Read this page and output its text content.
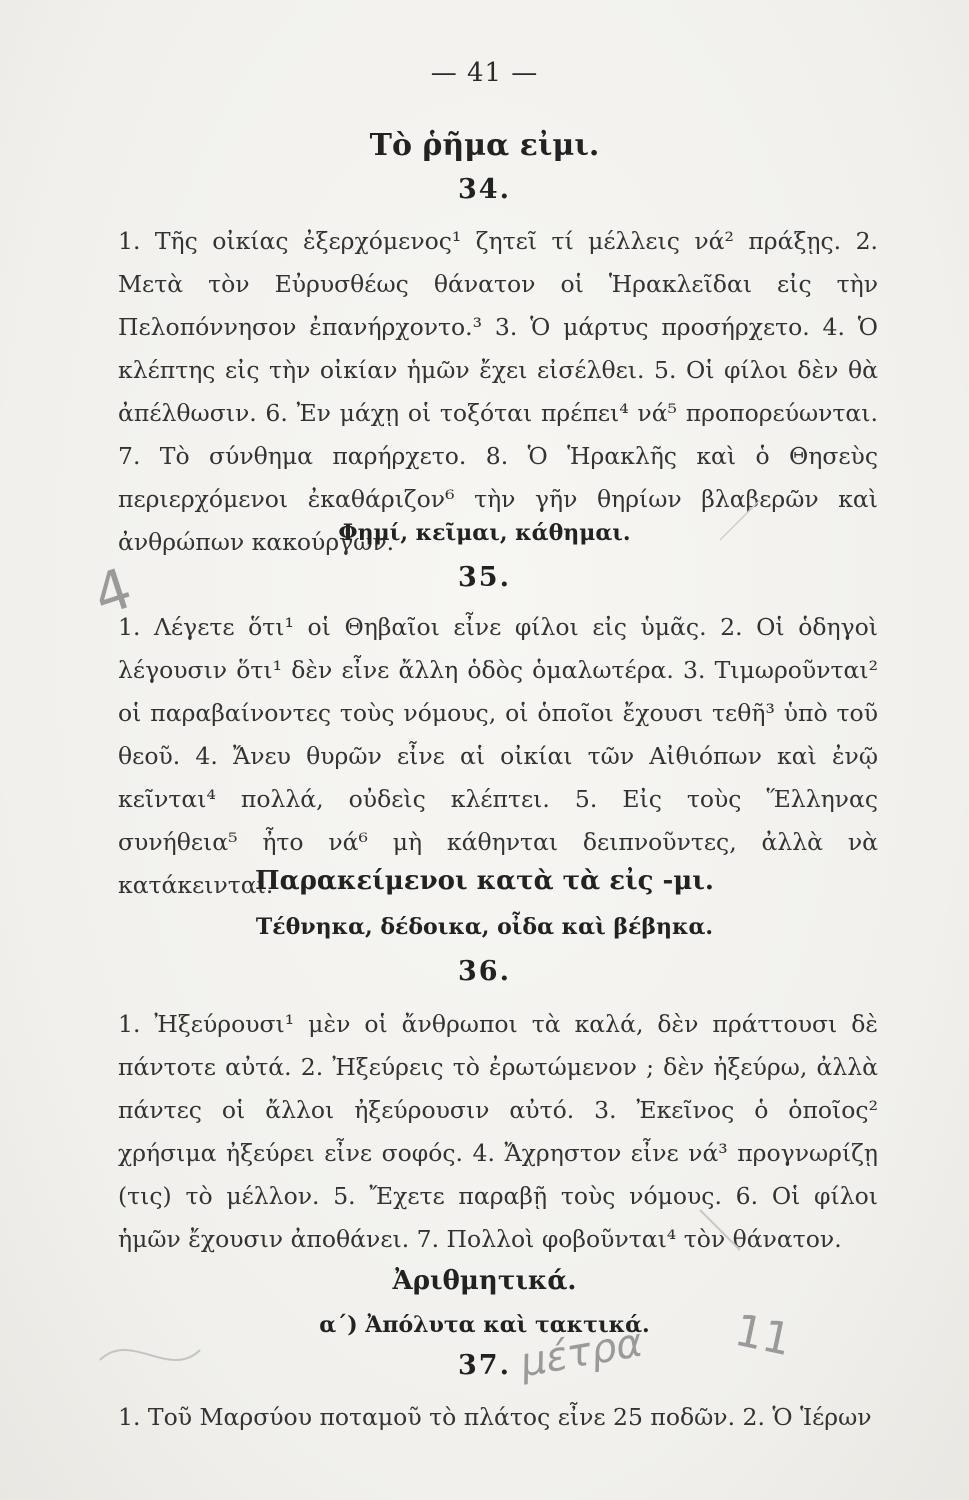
— 41 —
Τὸ ῥῆμα εἰμι.
34.
1. Τῆς οἰκίας ἐξερχόμενος¹ ζητεῖ τί μέλλεις νά² πράξῃς. 2. Μετὰ τὸν Εὐρυσθέως θάνατον οἱ Ἡρακλεῖδαι εἰς τὴν Πελοπόννησον ἐπανήρχοντο.³ 3. Ὁ μάρτυς προσήρχετο. 4. Ὁ κλέπτης εἰς τὴν οἰκίαν ἡμῶν ἔχει εἰσέλθει. 5. Οἱ φίλοι δὲν θὰ ἀπέλθωσιν. 6. Ἐν μάχῃ οἱ τοξόται πρέπει⁴ νά⁵ προπορεύωνται. 7. Τὸ σύνθημα παρήρχετο. 8. Ὁ Ἡρακλῆς καὶ ὁ Θησεὺς περιερχόμενοι ἐκαθάριζον⁶ τὴν γῆν θηρίων βλαβερῶν καὶ ἀνθρώπων κακούργων.
Φημί, κεῖμαι, κάθημαι.
35.
1. Λέγετε ὅτι¹ οἱ Θηβαῖοι εἶνε φίλοι εἰς ὑμᾶς. 2. Οἱ ὁδηγοὶ λέγουσιν ὅτι¹ δὲν εἶνε ἄλλη ὁδὸς ὁμαλωτέρα. 3. Τιμωροῦνται² οἱ παραβαίνοντες τοὺς νόμους, οἱ ὁποῖοι ἔχουσι τεθῆ³ ὑπὸ τοῦ θεοῦ. 4. Ἄνευ θυρῶν εἶνε αἱ οἰκίαι τῶν Αἰθιόπων καὶ ἐνῷ κεῖνται⁴ πολλά, οὐδεὶς κλέπτει. 5. Εἰς τοὺς Ἕλληνας συνήθεια⁵ ἦτο νά⁶ μὴ κάθηνται δειπνοῦντες, ἀλλὰ νὰ κατάκεινται.
Παρακείμενοι κατὰ τὰ εἰς -μι.
Τέθνηκα, δέδοικα, οἶδα καὶ βέβηκα.
36.
1. Ἠξεύρουσι¹ μὲν οἱ ἄνθρωποι τὰ καλά, δὲν πράττουσι δὲ πάντοτε αὐτά. 2. Ἠξεύρεις τὸ ἐρωτώμενον ; δὲν ἠξεύρω, ἀλλὰ πάντες οἱ ἄλλοι ἠξεύρουσιν αὐτό. 3. Ἐκεῖνος ὁ ὁποῖος² χρήσιμα ἠξεύρει εἶνε σοφός. 4. Ἄχρηστον εἶνε νά³ προγνωρίζῃ (τις) τὸ μέλλον. 5. Ἔχετε παραβῇ τοὺς νόμους. 6. Οἱ φίλοι ἡμῶν ἔχουσιν ἀποθάνει. 7. Πολλοὶ φοβοῦνται⁴ τὸν θάνατον.
Ἀριθμητικά.
α΄) Ἀπόλυτα καὶ τακτικά.
37.
1. Τοῦ Μαρσύου ποταμοῦ τὸ πλάτος εἶνε 25 ποδῶν. 2. Ὁ Ἱέρων
4
μέτρα 11
